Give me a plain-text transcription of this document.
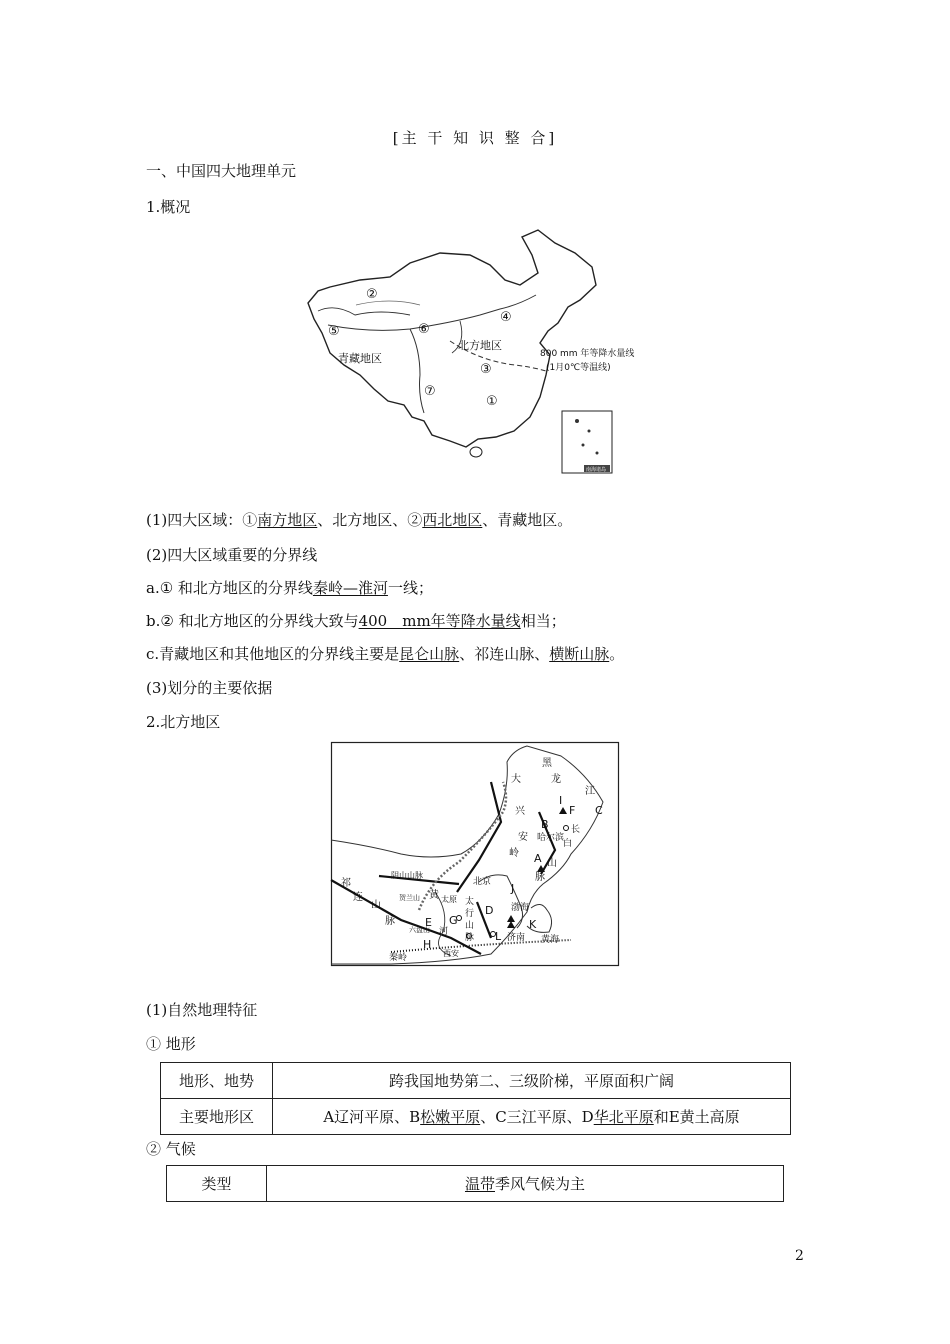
[主 干 知 识 整 合]
一、中国四大地理单元
1.概况
南海诸岛
②
⑤	⑥
④
③
⑦
①
青藏地区
北方地区
800 mm 年等降水量线
(1月0℃等温线)
(1)四大区域：①南方地区、北方地区、②西北地区、青藏地区。
(2)四大区域重要的分界线
a.① 和北方地区的分界线秦岭—淮河一线；
b.② 和北方地区的分界线大致与400　mm年等降水量线相当；
c.青藏地区和其他地区的分界线主要是昆仑山脉、祁连山脉、横断山脉。
(3)划分的主要依据
2.北方地区
黑
龙
江
大
兴
安
岭
I
F C
B
哈尔滨
长
白
A 山
脉
阴山山脉
祁
连
山
脉
北京 J
太原 太
行
山
脉
黄
河
G
D
E
H
西安
秦岭
六盘山
贺兰山
渤海
K
L 济南 黄海
(1)自然地理特征
① 地形
地形、地势	跨我国地势第二、三级阶梯，平原面积广阔
主要地形区	A辽河平原、B松嫩平原、C三江平原、D华北平原和E黄土高原
② 气候
类型	温带季风气候为主
2
